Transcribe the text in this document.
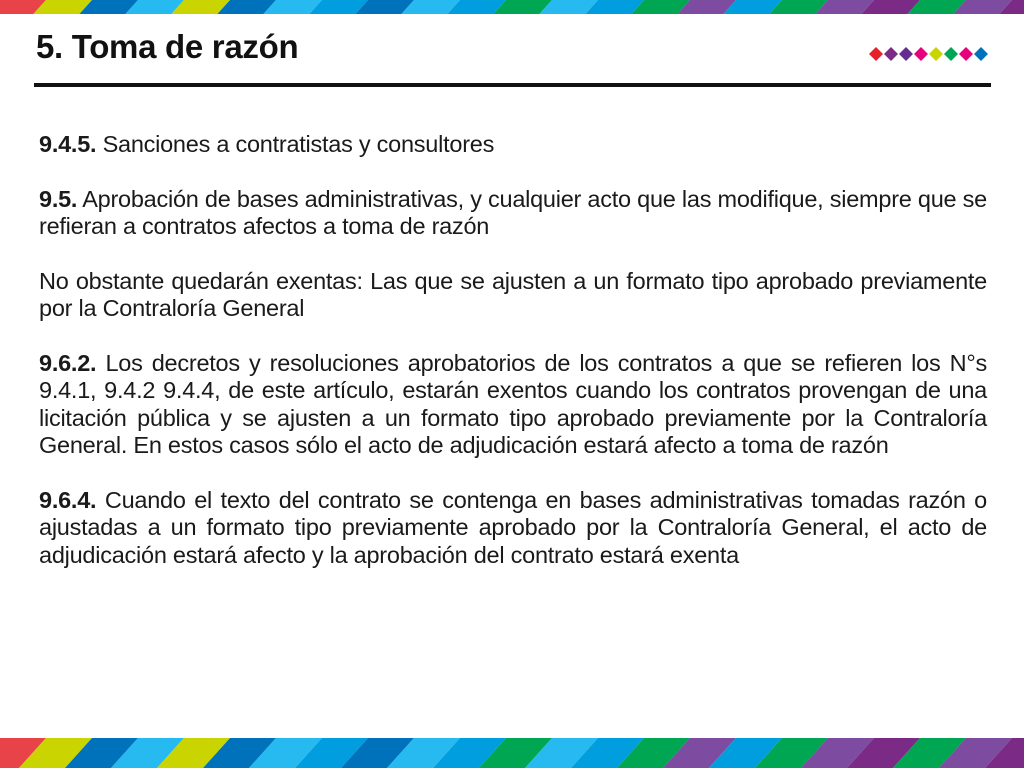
5. Toma de razón

9.4.5. Sanciones a contratistas y consultores

9.5. Aprobación de bases administrativas, y cualquier acto que las modifique, siempre que se refieran a contratos afectos a toma de razón

No obstante quedarán exentas: Las que se ajusten a un formato tipo aprobado previamente por la Contraloría General

9.6.2. Los decretos y resoluciones aprobatorios de los contratos a que se refieren los N°s 9.4.1, 9.4.2 9.4.4, de este artículo, estarán exentos cuando los contratos provengan de una licitación pública y se ajusten a un formato tipo aprobado previamente por la Contraloría General. En estos casos sólo el acto de adjudicación estará afecto a toma de razón

9.6.4. Cuando el texto del contrato se contenga en bases administrativas tomadas razón o ajustadas a un formato tipo previamente aprobado por la Contraloría General, el acto de adjudicación estará afecto y la aprobación del contrato estará exenta
